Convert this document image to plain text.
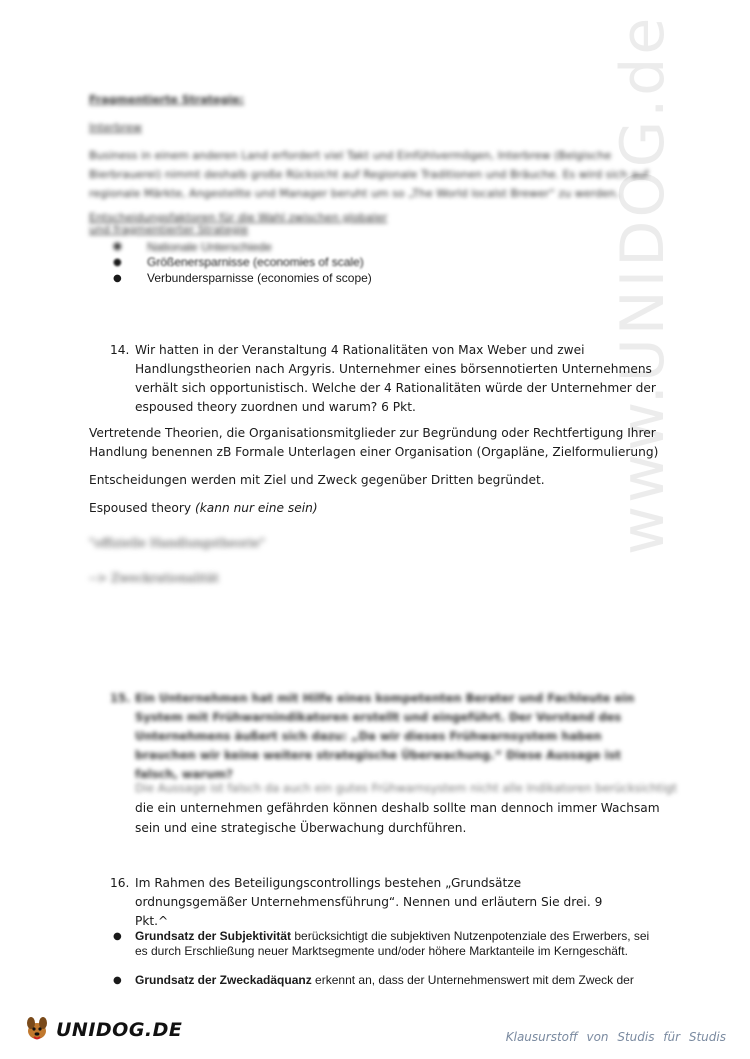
www.UNIDOG.de
Fragmentierte Strategie:
Interbrew
Business in einem anderen Land erfordert viel Takt und Einfühlvermögen, Interbrew (Belgische Bierbrauerei) nimmt deshalb große Rücksicht auf Regionale Traditionen und Bräuche. Es wird sich auf regionale Märkte, Angestellte und Manager beruht um so „The World localst Brewer“ zu werden.
Entscheidungsfaktoren für die Wahl zwischen globaler
und fragmentierter Strategie
● Nationale Unterschiede
● Größenersparnisse (economies of scale)
● Verbundersparnisse (economies of scope)
14. Wir hatten in der Veranstaltung 4 Rationalitäten von Max Weber und zwei Handlungstheorien nach Argyris. Unternehmer eines börsennotierten Unternehmens verhält sich opportunistisch. Welche der 4 Rationalitäten würde der Unternehmer der espoused theory zuordnen und warum? 6 Pkt.
Vertretende Theorien, die Organisationsmitglieder zur Begründung oder Rechtfertigung Ihrer Handlung benennen zB Formale Unterlagen einer Organisation (Orgapläne, Zielformulierung)
Entscheidungen werden mit Ziel und Zweck gegenüber Dritten begründet.
Espoused theory (kann nur eine sein)
"offizielle Handlungstheorie"
--> Zweckrationalität
15. Ein Unternehmen hat mit Hilfe eines kompetenten Berater und Fachleute ein System mit Frühwarnindikatoren erstellt und eingeführt. Der Vorstand des Unternehmens äußert sich dazu: „Da wir dieses Frühwarnsystem haben brauchen wir keine weitere strategische Überwachung.“ Diese Aussage ist falsch, warum?
Die Aussage ist falsch da auch ein gutes Frühwarnsystem nicht alle Indikatoren berücksichtigt
die ein unternehmen gefährden können deshalb sollte man dennoch immer Wachsam sein und eine strategische Überwachung durchführen.
16. Im Rahmen des Beteiligungscontrollings bestehen „Grundsätze ordnungsgemäßer Unternehmensführung“. Nennen und erläutern Sie drei. 9 Pkt.^
● Grundsatz der Subjektivität berücksichtigt die subjektiven Nutzenpotenziale des Erwerbers, sei es durch Erschließung neuer Marktsegmente und/oder höhere Marktanteile im Kerngeschäft.
● Grundsatz der Zweckadäquanz erkennt an, dass der Unternehmenswert mit dem Zweck der
UNIDOG.DE	Klausurstoff von Studis für Studis
